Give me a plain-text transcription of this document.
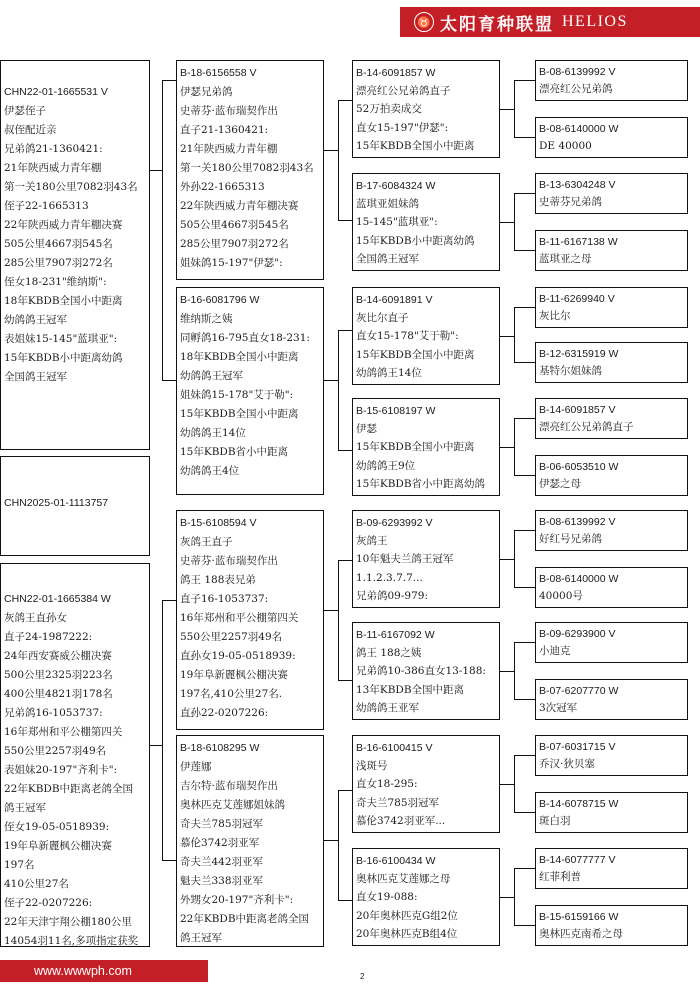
♉ 太阳育种联盟 HELIOS
CHN22-01-1665531 V
伊瑟侄子
叔侄配近亲
兄弟鸽21-1360421:
21年陕西威力青年棚
第一关180公里7082羽43名
侄子22-1665313
22年陕西威力青年棚决赛
505公里4667羽545名
285公里7907羽272名
侄女18-231"维纳斯":
18年KBDB全国小中距离
幼鸽鸽王冠军
表姐妹15-145"蓝琪亚":
15年KBDB小中距离幼鸽
全国鸽王冠军
CHN2025-01-1113757
CHN22-01-1665384 W
灰鸽王直孙女
直子24-1987222:
24年西安赛威公棚决赛
500公里2325羽223名
400公里4821羽178名
兄弟鸽16-1053737:
16年郑州和平公棚第四关
550公里2257羽49名
表姐妹20-197"齐利卡":
22年KBDB中距离老鸽全国
鸽王冠军
侄女19-05-0518939:
19年阜新麗枫公棚决赛
197名
410公里27名
侄子22-0207226:
22年天津宇翔公棚180公里
14054羽11名,多项指定获奖
B-18-6156558 V
伊瑟兄弟鸽
史蒂芬·蓝布瑞契作出
直子21-1360421:
21年陕西威力青年棚
第一关180公里7082羽43名
外孙22-1665313
22年陕西威力青年棚决赛
505公里4667羽545名
285公里7907羽272名
姐妹鸽15-197"伊瑟":
B-16-6081796 W
维纳斯之姨
同孵鸽16-795直女18-231:
18年KBDB全国小中距离
幼鸽鸽王冠军
姐妹鸽15-178"艾于勒":
15年KBDB全国小中距离
幼鸽鸽王14位
15年KBDB省小中距离
幼鸽鸽王4位
B-15-6108594 V
灰鸽王直子
史蒂芬·蓝布瑞契作出
鸽王 188表兄弟
直子16-1053737:
16年郑州和平公棚第四关
550公里2257羽49名
直孙女19-05-0518939:
19年阜新麗枫公棚决赛
197名,410公里27名.
直孙22-0207226:
B-18-6108295 W
伊莲娜
吉尔特·蓝布瑞契作出
奥林匹克艾莲娜姐妹鸽
奇夫兰785羽冠军
慕伦3742羽亚军
奇夫兰442羽亚军
魁夫兰338羽亚军
外甥女20-197"齐利卡":
22年KBDB中距离老鸽全国
鸽王冠军
B-14-6091857 W
漂亮红公兄弟鸽直子
52万拍卖成交
直女15-197"伊瑟":
15年KBDB全国小中距离
B-17-6084324 W
蓝琪亚姐妹鸽
15-145"蓝琪亚":
15年KBDB小中距离幼鸽
全国鸽王冠军
B-14-6091891 V
灰比尔直子
直女15-178"艾于勒":
15年KBDB全国小中距离
幼鸽鸽王14位
B-15-6108197 W
伊瑟
15年KBDB全国小中距离
幼鸽鸽王9位
15年KBDB省小中距离幼鸽
B-09-6293992 V
灰鸽王
10年魁夫兰鸽王冠军
1.1.2.3.7.7...
兄弟鸽09-979:
B-11-6167092 W
鸽王 188之姨
兄弟鸽10-386直女13-188:
13年KBDB全国中距离
幼鸽鸽王亚军
B-16-6100415 V
浅斑号
直女18-295:
奇夫兰785羽冠军
慕伦3742羽亚军...
B-16-6100434 W
奥林匹克艾莲娜之母
直女19-088:
20年奥林匹克G组2位
20年奥林匹克B组4位
B-08-6139992 V
漂亮红公兄弟鸽
B-08-6140000 W
DE 40000
B-13-6304248 V
史蒂芬兄弟鸽
B-11-6167138 W
蓝琪亚之母
B-11-6269940 V
灰比尔
B-12-6315919 W
基特尔姐妹鸽
B-14-6091857 V
漂亮红公兄弟鸽直子
B-06-6053510 W
伊瑟之母
B-08-6139992 V
好红号兄弟鸽
B-08-6140000 W
40000号
B-09-6293900 V
小迪克
B-07-6207770 W
3次冠军
B-07-6031715 V
乔汉·狄贝塞
B-14-6078715 W
斑白羽
B-14-6077777 V
红菲利普
B-15-6159166 W
奥林匹克南希之母
www.wwwph.com	2
